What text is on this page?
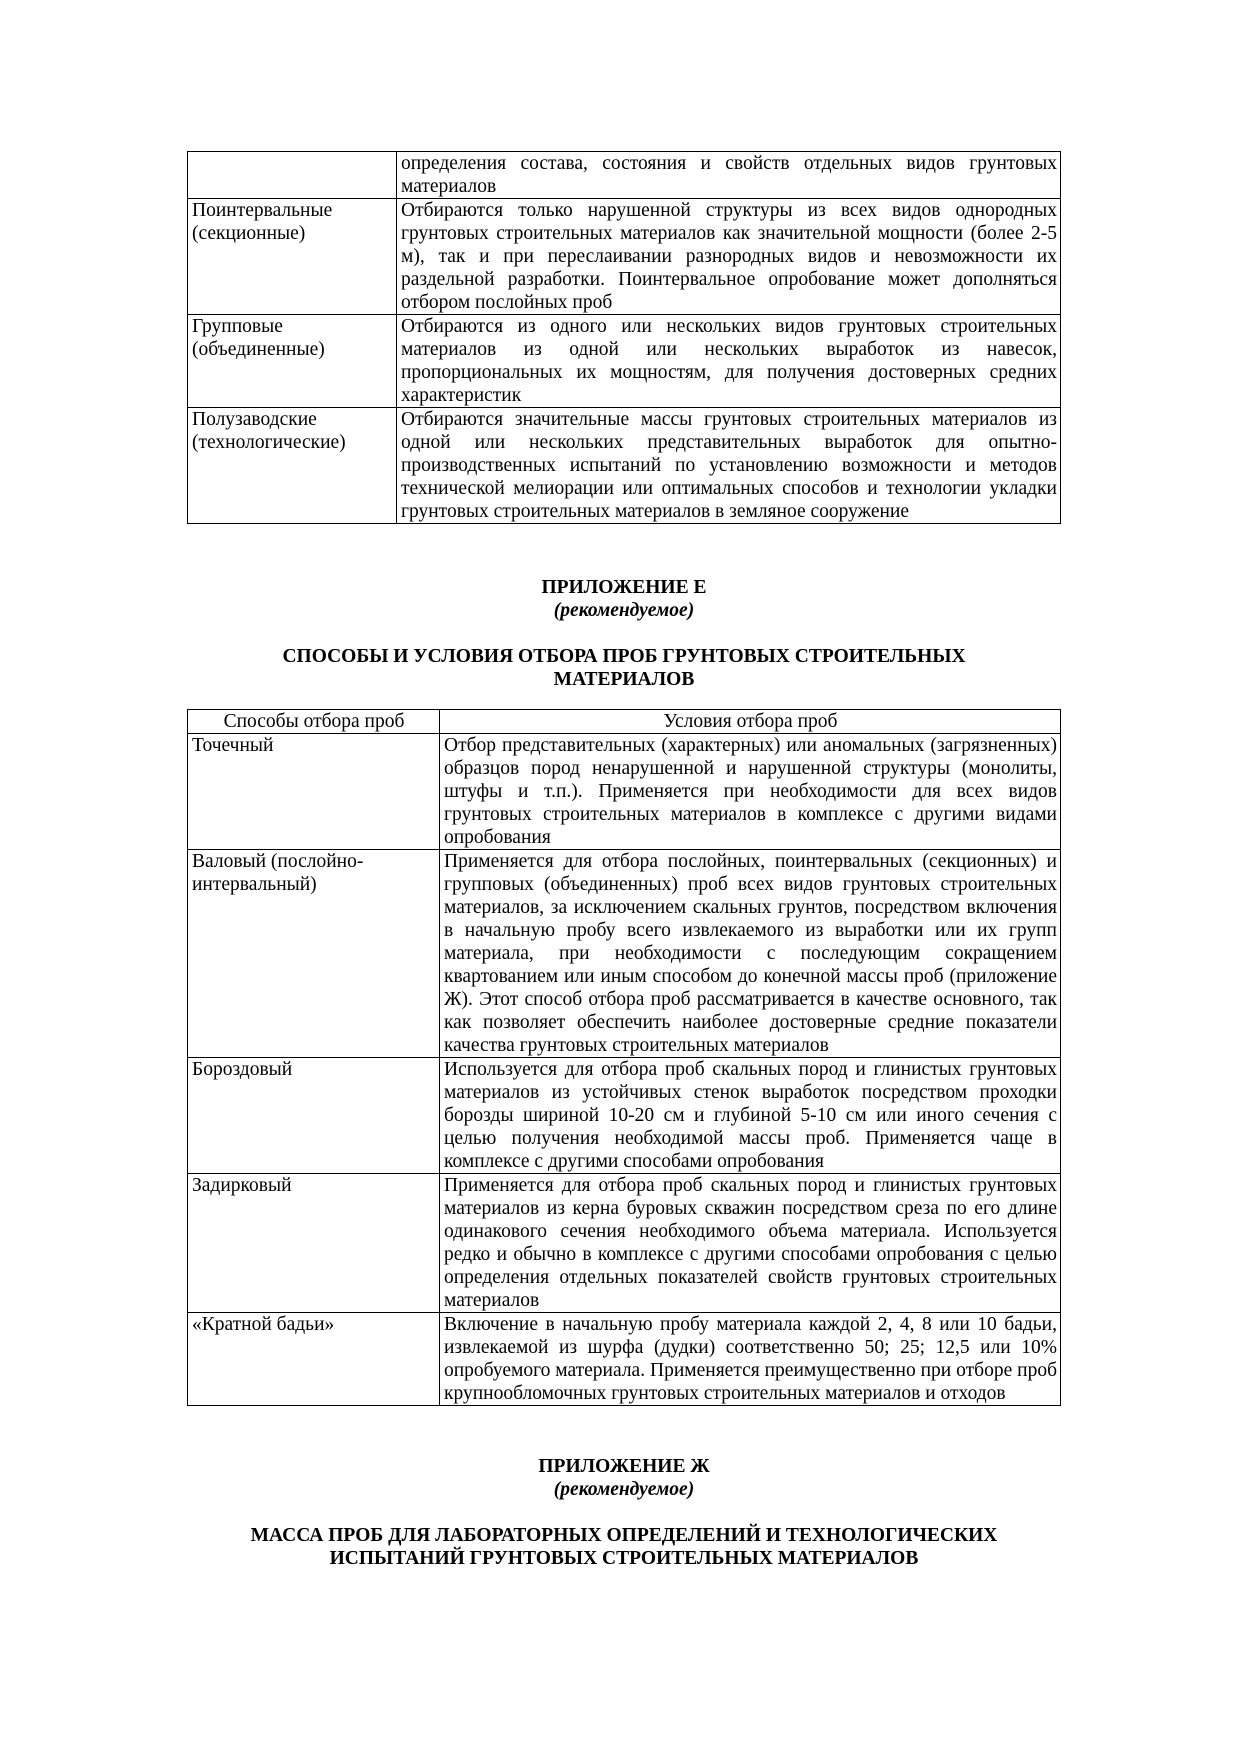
	определения состава, состояния и свойств отдельных видов грунтовых материалов
Поинтервальные (секционные)	Отбираются только нарушенной структуры из всех видов однородных грунтовых строительных материалов как значительной мощности (более 2-5 м), так и при переслаивании разнородных видов и невозможности их раздельной разработки. Поинтервальное опробование может дополняться отбором послойных проб
Групповые (объединенные)	Отбираются из одного или нескольких видов грунтовых строительных материалов из одной или нескольких выработок из навесок, пропорциональных их мощностям, для получения достоверных средних характеристик
Полузаводские (технологические)	Отбираются значительные массы грунтовых строительных материалов из одной или нескольких представительных выработок для опытно-производственных испытаний по установлению возможности и методов технической мелиорации или оптимальных способов и технологии укладки грунтовых строительных материалов в земляное сооружение
ПРИЛОЖЕНИЕ Е
(рекомендуемое)
СПОСОБЫ И УСЛОВИЯ ОТБОРА ПРОБ ГРУНТОВЫХ СТРОИТЕЛЬНЫХ
МАТЕРИАЛОВ
Способы отбора проб	Условия отбора проб
Точечный	Отбор представительных (характерных) или аномальных (загрязненных) образцов пород ненарушенной и нарушенной структуры (монолиты, штуфы и т.п.). Применяется при необходимости для всех видов грунтовых строительных материалов в комплексе с другими видами опробования
Валовый (послойно-интервальный)	Применяется для отбора послойных, поинтервальных (секционных) и групповых (объединенных) проб всех видов грунтовых строительных материалов, за исключением скальных грунтов, посредством включения в начальную пробу всего извлекаемого из выработки или их групп материала, при необходимости с последующим сокращением квартованием или иным способом до конечной массы проб (приложение Ж). Этот способ отбора проб рассматривается в качестве основного, так как позволяет обеспечить наиболее достоверные средние показатели качества грунтовых строительных материалов
Бороздовый	Используется для отбора проб скальных пород и глинистых грунтовых материалов из устойчивых стенок выработок посредством проходки борозды шириной 10-20 см и глубиной 5-10 см или иного сечения с целью получения необходимой массы проб. Применяется чаще в комплексе с другими способами опробования
Задирковый	Применяется для отбора проб скальных пород и глинистых грунтовых материалов из керна буровых скважин посредством среза по его длине одинакового сечения необходимого объема материала. Используется редко и обычно в комплексе с другими способами опробования с целью определения отдельных показателей свойств грунтовых строительных материалов
«Кратной бадьи»	Включение в начальную пробу материала каждой 2, 4, 8 или 10 бадьи, извлекаемой из шурфа (дудки) соответственно 50; 25; 12,5 или 10% опробуемого материала. Применяется преимущественно при отборе проб крупнообломочных грунтовых строительных материалов и отходов
ПРИЛОЖЕНИЕ Ж
(рекомендуемое)
МАССА ПРОБ ДЛЯ ЛАБОРАТОРНЫХ ОПРЕДЕЛЕНИЙ И ТЕХНОЛОГИЧЕСКИХ
ИСПЫТАНИЙ ГРУНТОВЫХ СТРОИТЕЛЬНЫХ МАТЕРИАЛОВ
